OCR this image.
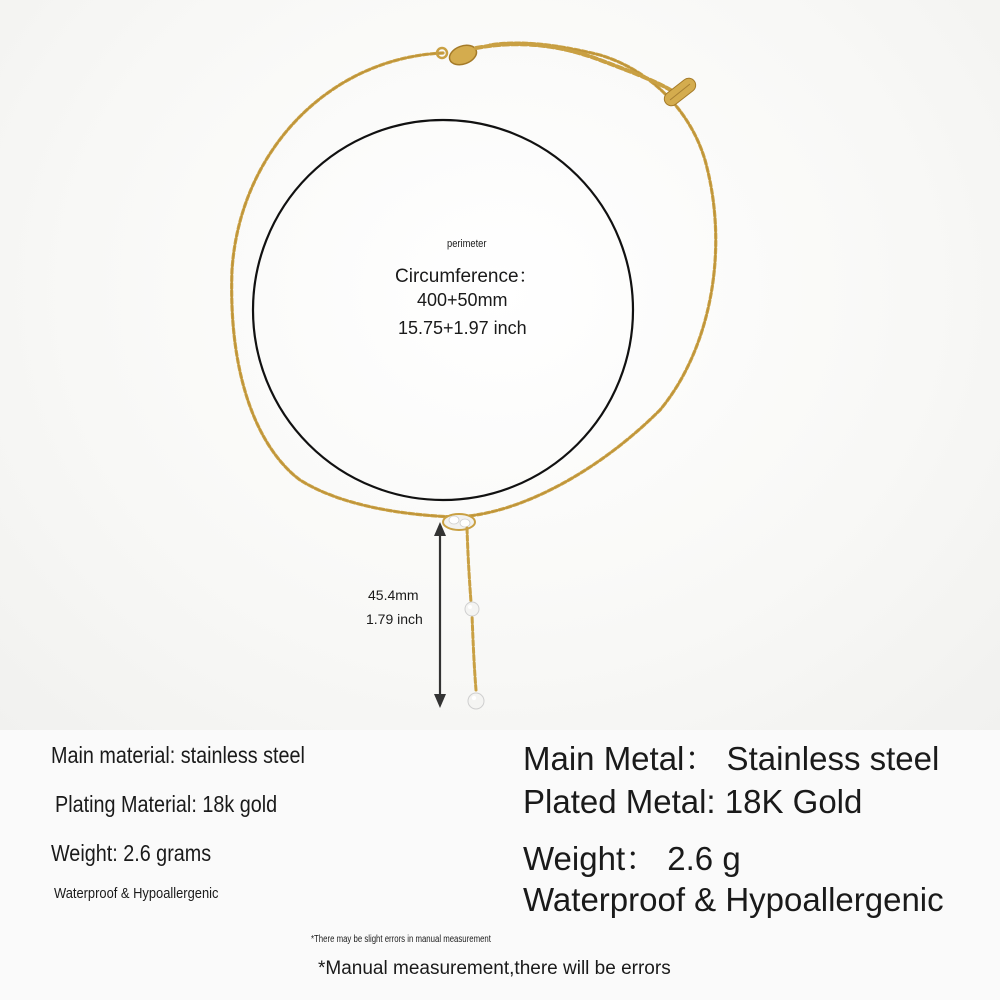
perimeter
Circumference：
400+50mm
15.75+1.97 inch
45.4mm
1.79 inch
Main material: stainless steel
Plating Material: 18k gold
Weight: 2.6 grams
Waterproof & Hypoallergenic
Main Metal： Stainless steel
Plated Metal: 18K Gold
Weight： 2.6 g
Waterproof & Hypoallergenic
*There may be slight errors in manual measurement
*Manual measurement,there will be errors
